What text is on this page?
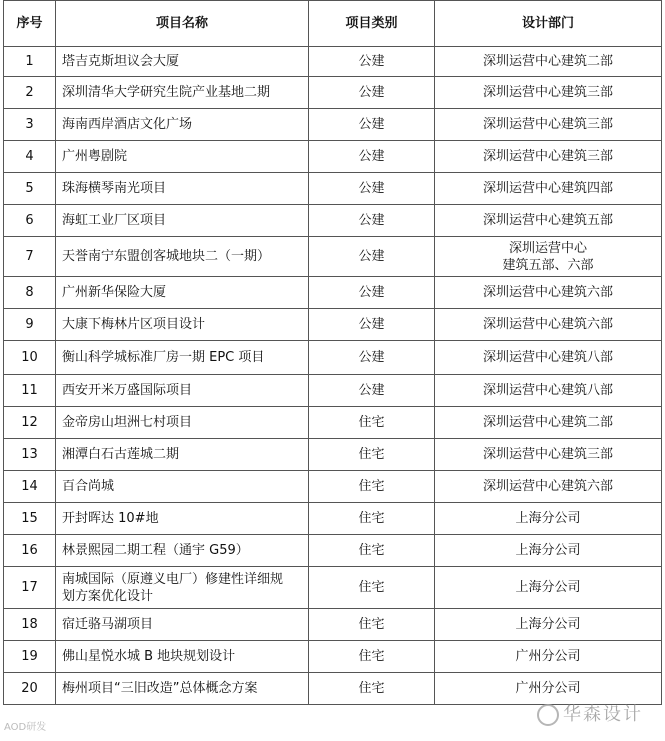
序号	项目名称	项目类别	设计部门
1	塔吉克斯坦议会大厦	公建	深圳运营中心建筑二部
2	深圳清华大学研究生院产业基地二期	公建	深圳运营中心建筑三部
3	海南西岸酒店文化广场	公建	深圳运营中心建筑三部
4	广州粤剧院	公建	深圳运营中心建筑三部
5	珠海横琴南光项目	公建	深圳运营中心建筑四部
6	海虹工业厂区项目	公建	深圳运营中心建筑五部
7	天誉南宁东盟创客城地块二（一期）	公建	深圳运营中心
建筑五部、六部
8	广州新华保险大厦	公建	深圳运营中心建筑六部
9	大康下梅林片区项目设计	公建	深圳运营中心建筑六部
10	衡山科学城标准厂房一期 EPC 项目	公建	深圳运营中心建筑八部
11	西安开米万盛国际项目	公建	深圳运营中心建筑八部
12	金帝房山坦洲七村项目	住宅	深圳运营中心建筑二部
13	湘潭白石古莲城二期	住宅	深圳运营中心建筑三部
14	百合尚城	住宅	深圳运营中心建筑六部
15	开封晖达 10#地	住宅	上海分公司
16	林景熙园二期工程（通宇 G59）	住宅	上海分公司
17	南城国际（原遵义电厂）修建性详细规
划方案优化设计	住宅	上海分公司
18	宿迁骆马湖项目	住宅	上海分公司
19	佛山星悦水城 B 地块规划设计	住宅	广州分公司
20	梅州项目“三旧改造”总体概念方案	住宅	广州分公司
AOD研发
华森设计
